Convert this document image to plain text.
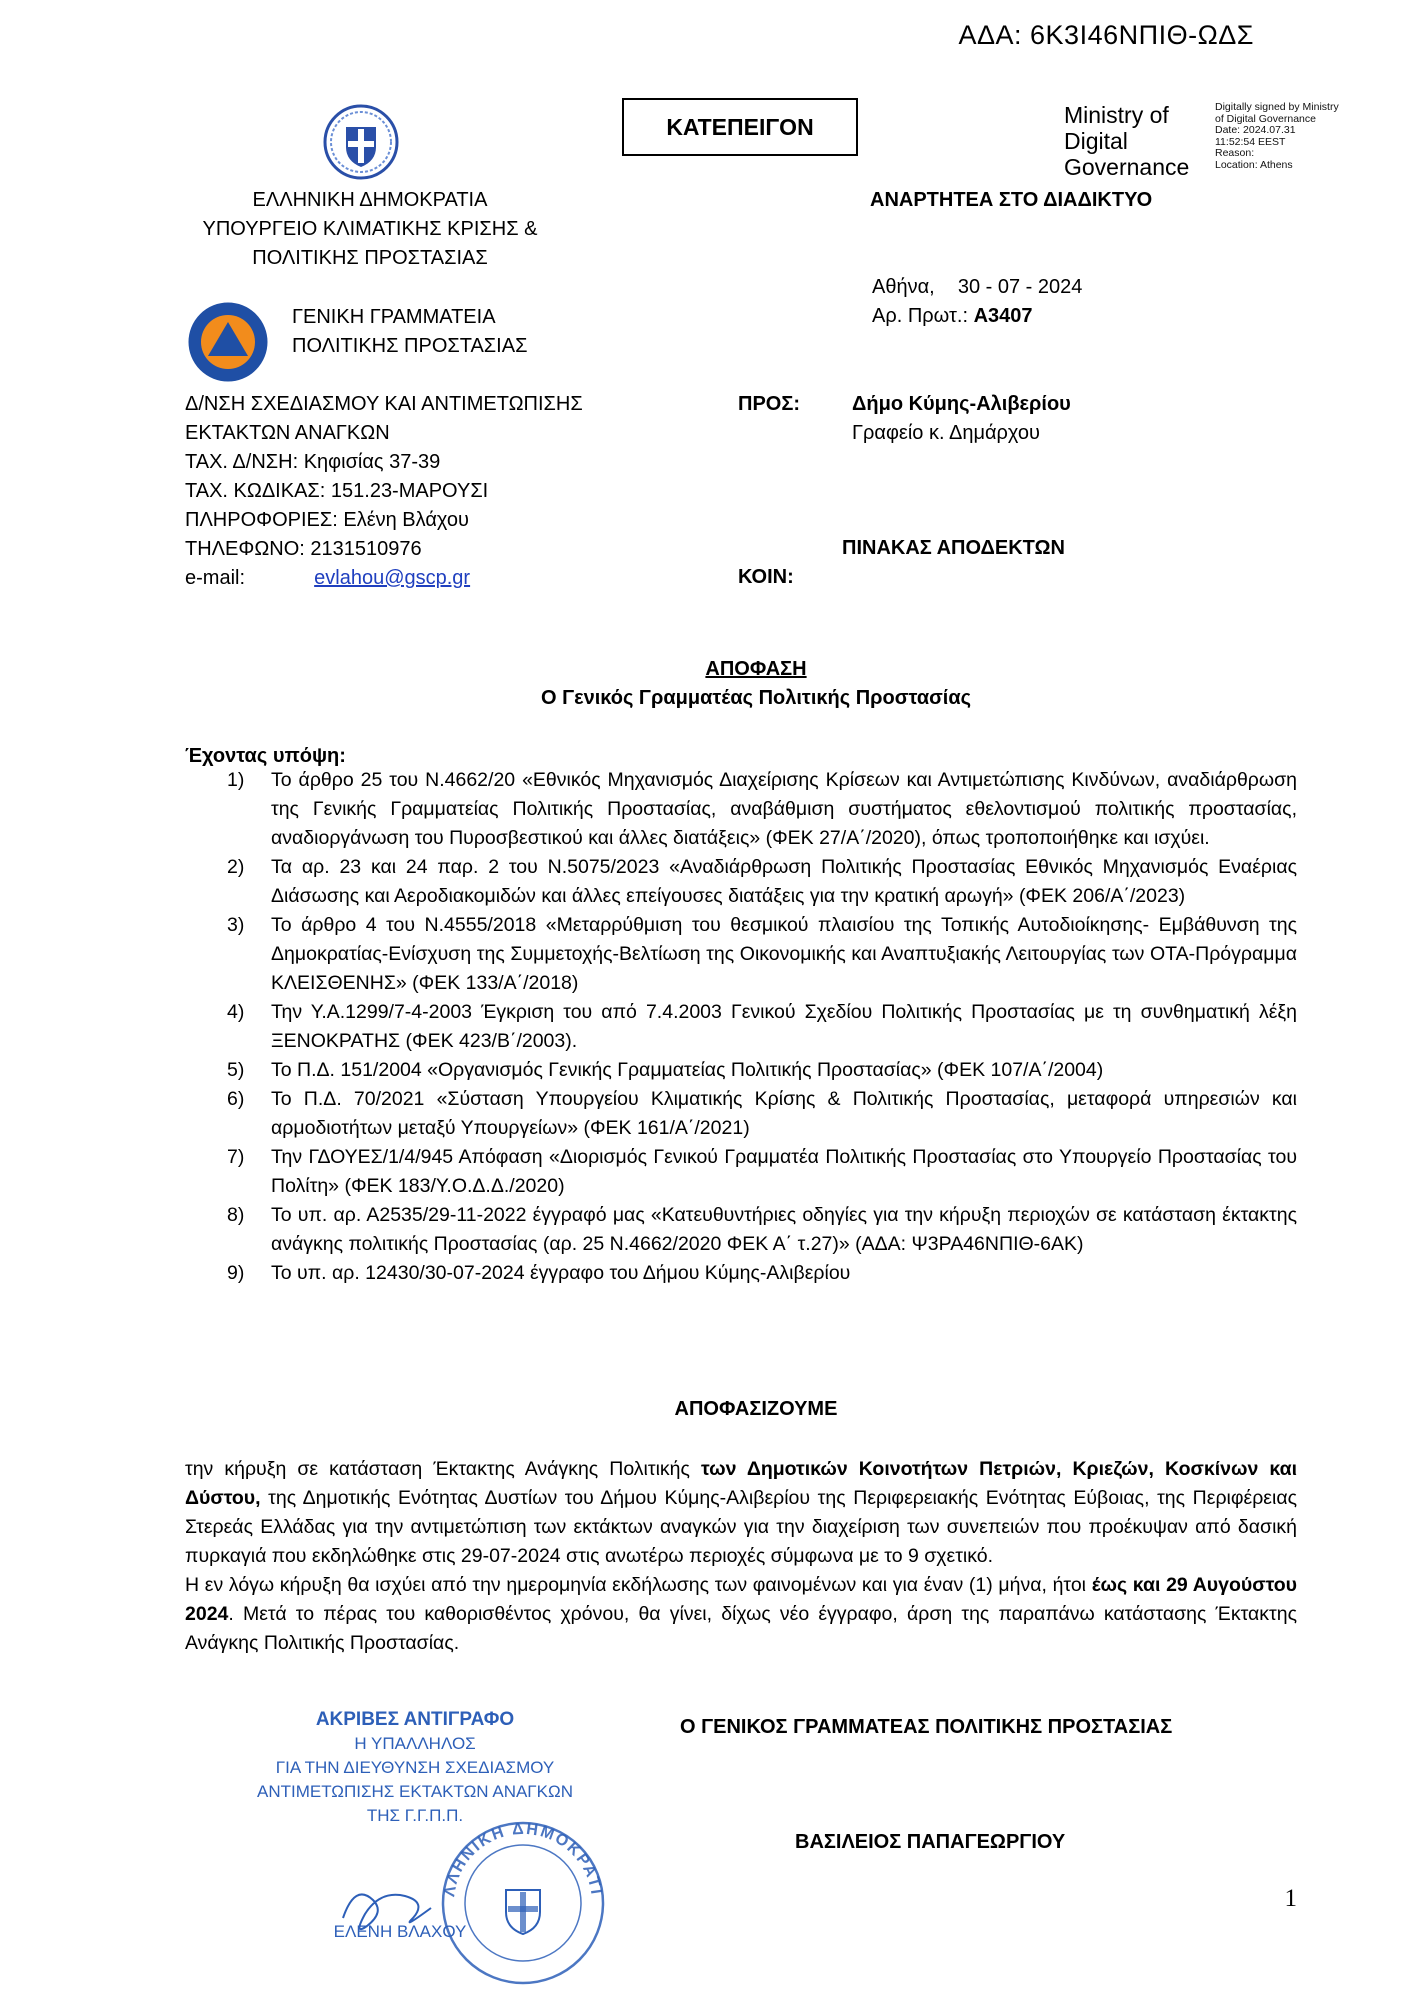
ΑΔΑ: 6Κ3Ι46ΝΠΙΘ-ΩΔΣ
ΕΛΛΗΝΙΚΗ ΔΗΜΟΚΡΑΤΙΑ
ΥΠΟΥΡΓΕΙΟ ΚΛΙΜΑΤΙΚΗΣ ΚΡΙΣΗΣ &
ΠΟΛΙΤΙΚΗΣ ΠΡΟΣΤΑΣΙΑΣ
ΓΕΝΙΚΗ ΓΡΑΜΜΑΤΕΙΑ
ΠΟΛΙΤΙΚΗΣ ΠΡΟΣΤΑΣΙΑΣ
ΚΑΤΕΠΕΙΓΟΝ	Ministry of
Digital
Governance
Digitally signed by Ministry
of Digital Governance
Date: 2024.07.31
11:52:54 EEST
Reason:
Location: Athens
ΑΝΑΡΤΗΤΕΑ ΣΤΟ ΔΙΑΔΙΚΤΥΟ
Αθήνα, 30 - 07 - 2024
Αρ. Πρωτ.: Α3407
Δ/ΝΣΗ ΣΧΕΔΙΑΣΜΟΥ ΚΑΙ ΑΝΤΙΜΕΤΩΠΙΣΗΣ
ΕΚΤΑΚΤΩΝ ΑΝΑΓΚΩΝ
ΤΑΧ. Δ/ΝΣΗ: Κηφισίας 37-39
ΤΑΧ. ΚΩΔΙΚΑΣ: 151.23-ΜΑΡΟΥΣΙ
ΠΛΗΡΟΦΟΡΙΕΣ: Ελένη Βλάχου
ΤΗΛΕΦΩΝΟ: 2131510976
e-mail:	evlahou@gscp.gr
ΠΡΟΣ:	Δήμο Κύμης-Αλιβερίου
Γραφείο κ. Δημάρχου
ΠΙΝΑΚΑΣ ΑΠΟΔΕΚΤΩΝ
ΚΟΙΝ:
ΑΠΟΦΑΣΗ
Ο Γενικός Γραμματέας Πολιτικής Προστασίας
Έχοντας υπόψη:
1)	Το άρθρο 25 του Ν.4662/20 «Εθνικός Μηχανισμός Διαχείρισης Κρίσεων και Αντιμετώπισης Κινδύνων, αναδιάρθρωση της Γενικής Γραμματείας Πολιτικής Προστασίας, αναβάθμιση συστήματος εθελοντισμού πολιτικής προστασίας, αναδιοργάνωση του Πυροσβεστικού και άλλες διατάξεις» (ΦΕΚ 27/Α΄/2020), όπως τροποποιήθηκε και ισχύει.
2)	Τα αρ. 23 και 24 παρ. 2 του Ν.5075/2023 «Αναδιάρθρωση Πολιτικής Προστασίας Εθνικός Μηχανισμός Εναέριας Διάσωσης και Αεροδιακομιδών και άλλες επείγουσες διατάξεις για την κρατική αρωγή» (ΦΕΚ 206/Α΄/2023)
3)	Το άρθρο 4 του Ν.4555/2018 «Μεταρρύθμιση του θεσμικού πλαισίου της Τοπικής Αυτοδιοίκησης- Εμβάθυνση της Δημοκρατίας-Ενίσχυση της Συμμετοχής-Βελτίωση της Οικονομικής και Αναπτυξιακής Λειτουργίας των ΟΤΑ-Πρόγραμμα ΚΛΕΙΣΘΕΝΗΣ» (ΦΕΚ 133/Α΄/2018)
4)	Την Υ.Α.1299/7-4-2003 Έγκριση του από 7.4.2003 Γενικού Σχεδίου Πολιτικής Προστασίας με τη συνθηματική λέξη ΞΕΝΟΚΡΑΤΗΣ (ΦΕΚ 423/Β΄/2003).
5)	Το Π.Δ. 151/2004 «Οργανισμός Γενικής Γραμματείας Πολιτικής Προστασίας» (ΦΕΚ 107/Α΄/2004)
6)	Το Π.Δ. 70/2021 «Σύσταση Υπουργείου Κλιματικής Κρίσης & Πολιτικής Προστασίας, μεταφορά υπηρεσιών και αρμοδιοτήτων μεταξύ Υπουργείων» (ΦΕΚ 161/Α΄/2021)
7)	Την ΓΔΟΥΕΣ/1/4/945 Απόφαση «Διορισμός Γενικού Γραμματέα Πολιτικής Προστασίας στο Υπουργείο Προστασίας του Πολίτη» (ΦΕΚ 183/Υ.Ο.Δ.Δ./2020)
8)	Το υπ. αρ. Α2535/29-11-2022 έγγραφό μας «Κατευθυντήριες οδηγίες για την κήρυξη περιοχών σε κατάσταση έκτακτης ανάγκης πολιτικής Προστασίας (αρ. 25 Ν.4662/2020 ΦΕΚ Α΄ τ.27)» (ΑΔΑ: Ψ3ΡΑ46ΝΠΙΘ-6ΑΚ)
9)	Το υπ. αρ. 12430/30-07-2024 έγγραφο του Δήμου Κύμης-Αλιβερίου
ΑΠΟΦΑΣΙΖΟΥΜΕ

την κήρυξη σε κατάσταση Έκτακτης Ανάγκης Πολιτικής των Δημοτικών Κοινοτήτων Πετριών, Κριεζών, Κοσκίνων και Δύστου, της Δημοτικής Ενότητας Δυστίων του Δήμου Κύμης-Αλιβερίου της Περιφερειακής Ενότητας Εύβοιας, της Περιφέρειας Στερεάς Ελλάδας για την αντιμετώπιση των εκτάκτων αναγκών για την διαχείριση των συνεπειών που προέκυψαν από δασική πυρκαγιά που εκδηλώθηκε στις 29-07-2024 στις ανωτέρω περιοχές σύμφωνα με το 9 σχετικό.

Η εν λόγω κήρυξη θα ισχύει από την ημερομηνία εκδήλωσης των φαινομένων και για έναν (1) μήνα, ήτοι έως και 29 Αυγούστου 2024. Μετά το πέρας του καθορισθέντος χρόνου, θα γίνει, δίχως νέο έγγραφο, άρση της παραπάνω κατάστασης Έκτακτης Ανάγκης Πολιτικής Προστασίας.

Ο ΓΕΝΙΚΟΣ ΓΡΑΜΜΑΤΕΑΣ ΠΟΛΙΤΙΚΗΣ ΠΡΟΣΤΑΣΙΑΣ
ΒΑΣΙΛΕΙΟΣ ΠΑΠΑΓΕΩΡΓΙΟΥ
ΑΚΡΙΒΕΣ ΑΝΤΙΓΡΑΦΟ
Η ΥΠΑΛΛΗΛΟΣ
ΓΙΑ ΤΗΝ ΔΙΕΥΘΥΝΣΗ ΣΧΕΔΙΑΣΜΟΥ
ΑΝΤΙΜΕΤΩΠΙΣΗΣ ΕΚΤΑΚΤΩΝ ΑΝΑΓΚΩΝ
ΤΗΣ Γ.Γ.Π.Π.
ΕΛΕΝΗ ΒΛΑΧΟΥ
ΛΛΗΝΙΚΗ ΔΗΜΟΚΡΑΤΙ	1
